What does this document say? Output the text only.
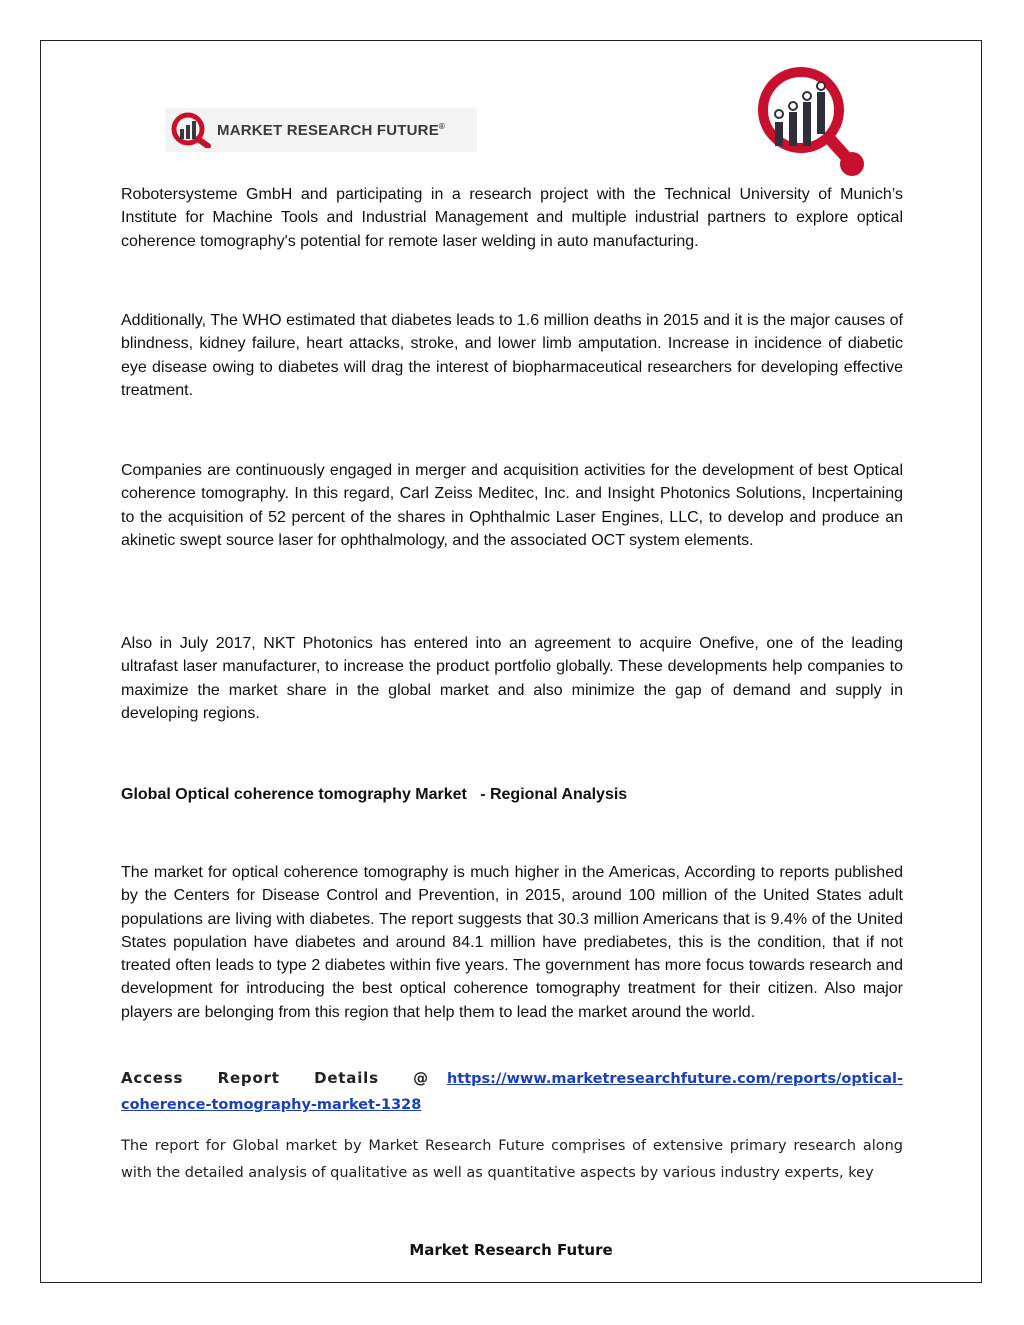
MARKET RESEARCH FUTURE®

Robotersysteme GmbH and participating in a research project with the Technical University of Munich’s Institute for Machine Tools and Industrial Management and multiple industrial partners to explore optical coherence tomography's potential for remote laser welding in auto manufacturing.

Additionally, The WHO estimated that diabetes leads to 1.6 million deaths in 2015 and it is the major causes of blindness, kidney failure, heart attacks, stroke, and lower limb amputation. Increase in incidence of diabetic eye disease owing to diabetes will drag the interest of biopharmaceutical researchers for developing effective treatment.

Companies are continuously engaged in merger and acquisition activities for the development of best Optical coherence tomography. In this regard, Carl Zeiss Meditec, Inc. and Insight Photonics Solutions, Incpertaining to the acquisition of 52 percent of the shares in Ophthalmic Laser Engines, LLC, to develop and produce an akinetic swept source laser for ophthalmology, and the associated OCT system elements.

Also in July 2017, NKT Photonics has entered into an agreement to acquire Onefive, one of the leading ultrafast laser manufacturer, to increase the product portfolio globally. These developments help companies to maximize the market share in the global market and also minimize the gap of demand and supply in developing regions.

Global Optical coherence tomography Market   - Regional Analysis

The market for optical coherence tomography is much higher in the Americas, According to reports published by the Centers for Disease Control and Prevention, in 2015, around 100 million of the United States adult populations are living with diabetes. The report suggests that 30.3 million Americans that is 9.4% of the United States population have diabetes and around 84.1 million have prediabetes, this is the condition, that if not treated often leads to type 2 diabetes within five years. The government has more focus towards research and development for introducing the best optical coherence tomography treatment for their citizen. Also major players are belonging from this region that help them to lead the market around the world.

Access Report Details @ https://www.marketresearchfuture.com/reports/optical-coherence-tomography-market-1328

The report for Global market by Market Research Future comprises of extensive primary research along with the detailed analysis of qualitative as well as quantitative aspects by various industry experts, key

Market Research Future
